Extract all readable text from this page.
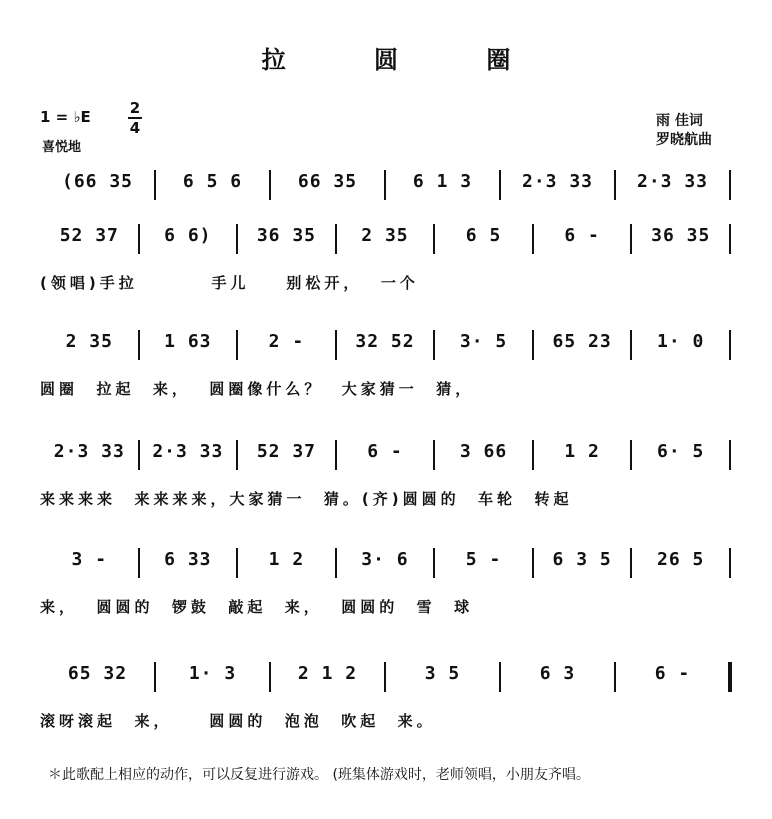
拉 圆 圈
1 = ♭E	2
4
喜悦地
雨 佳词
罗晓航曲
(66 35	6 5 6	66 35	6 1 3	2·3 33	2·3 33
52 37	6 6)	36 35	2 35	6 5	6 -	36 35
(领唱)手拉        手儿    别松开，  一个
2 35	1 63	2 -	32 52	3· 5	65 23	1· 0
圆圈  拉起  来，  圆圈像什么？  大家猜一  猜，
2·3 33	2·3 33	52 37	6 -	3 66	1 2	6· 5
来来来来  来来来来，大家猜一  猜。(齐)圆圆的  车轮  转起
3 -	6 33	1 2	3· 6	5 -	6 3 5	26 5
来，  圆圆的  锣鼓  敲起  来，  圆圆的  雪  球
65 32	1· 3	2 1 2	3 5	6 3	6 -
滚呀滚起  来，    圆圆的  泡泡  吹起  来。
＊此歌配上相应的动作，可以反复进行游戏。 (班集体游戏时，老师领唱，小朋友齐唱。
